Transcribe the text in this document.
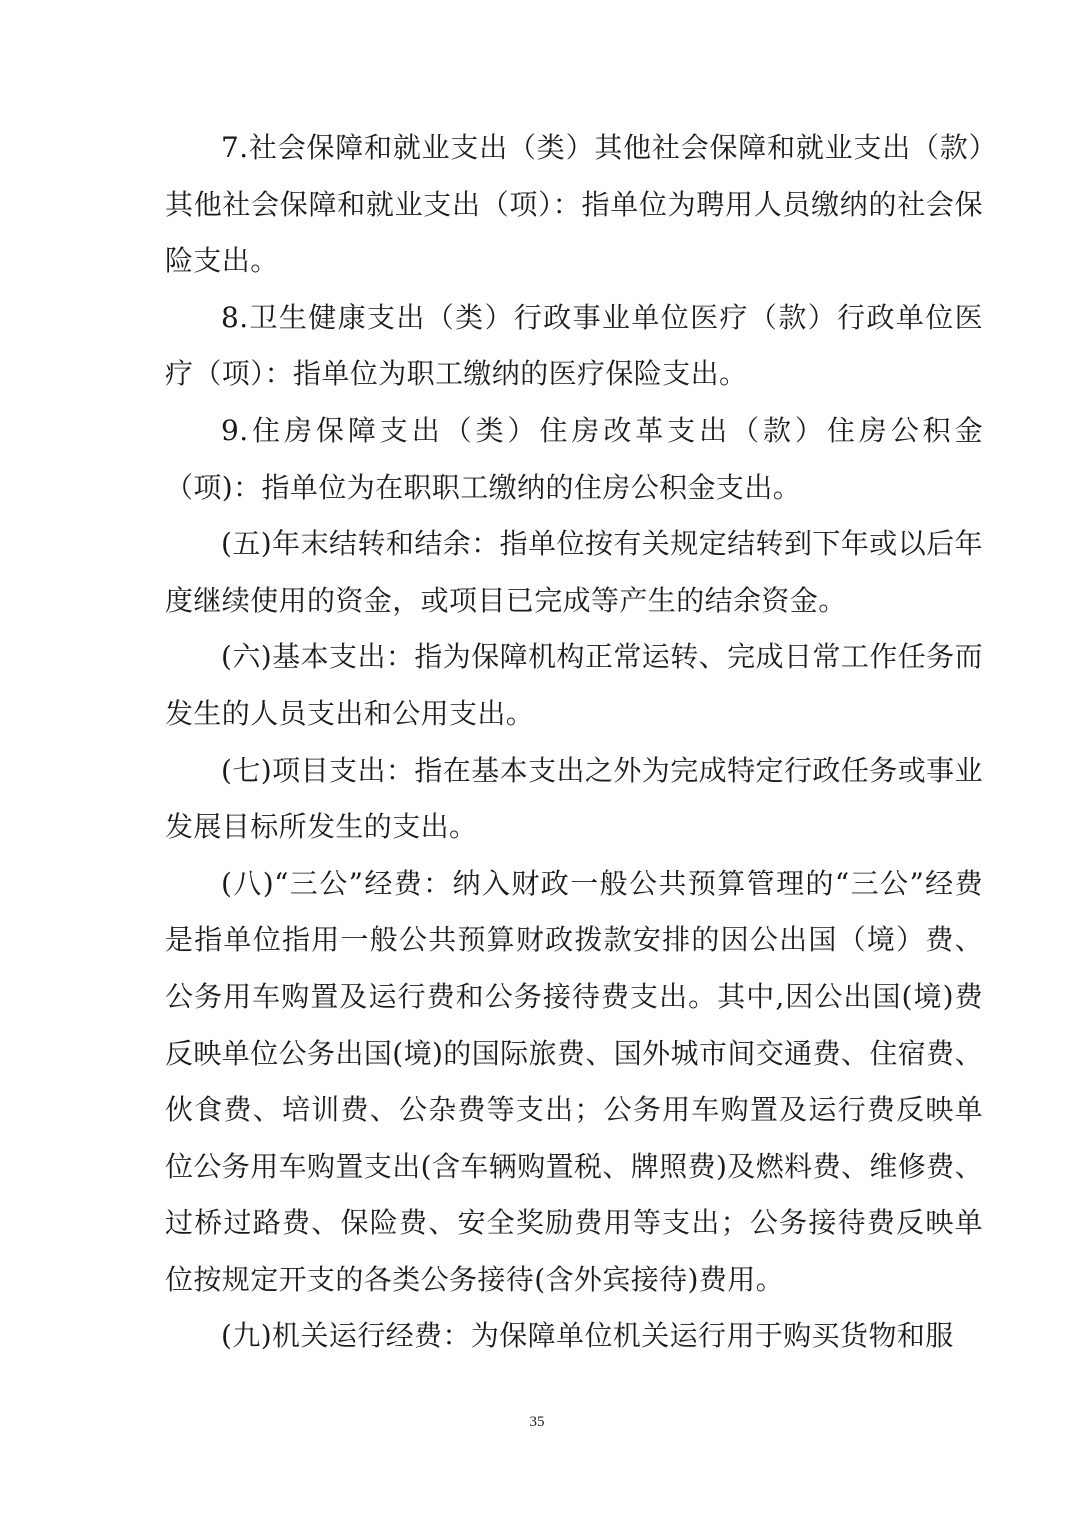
7.社会保障和就业支出（类）其他社会保障和就业支出（款）其他社会保障和就业支出（项）：指单位为聘用人员缴纳的社会保险支出。

8.卫生健康支出（类）行政事业单位医疗（款）行政单位医疗（项）：指单位为职工缴纳的医疗保险支出。

9.住房保障支出（类）住房改革支出（款）住房公积金（项)：指单位为在职职工缴纳的住房公积金支出。

(五)年末结转和结余：指单位按有关规定结转到下年或以后年度继续使用的资金，或项目已完成等产生的结余资金。

(六)基本支出：指为保障机构正常运转、完成日常工作任务而发生的人员支出和公用支出。

(七)项目支出：指在基本支出之外为完成特定行政任务或事业发展目标所发生的支出。

(八)“三公”经费：纳入财政一般公共预算管理的“三公”经费是指单位指用一般公共预算财政拨款安排的因公出国（境）费、公务用车购置及运行费和公务接待费支出。其中,因公出国(境)费反映单位公务出国(境)的国际旅费、国外城市间交通费、住宿费、伙食费、培训费、公杂费等支出；公务用车购置及运行费反映单位公务用车购置支出(含车辆购置税、牌照费)及燃料费、维修费、过桥过路费、保险费、安全奖励费用等支出；公务接待费反映单位按规定开支的各类公务接待(含外宾接待)费用。

(九)机关运行经费：为保障单位机关运行用于购买货物和服

35
